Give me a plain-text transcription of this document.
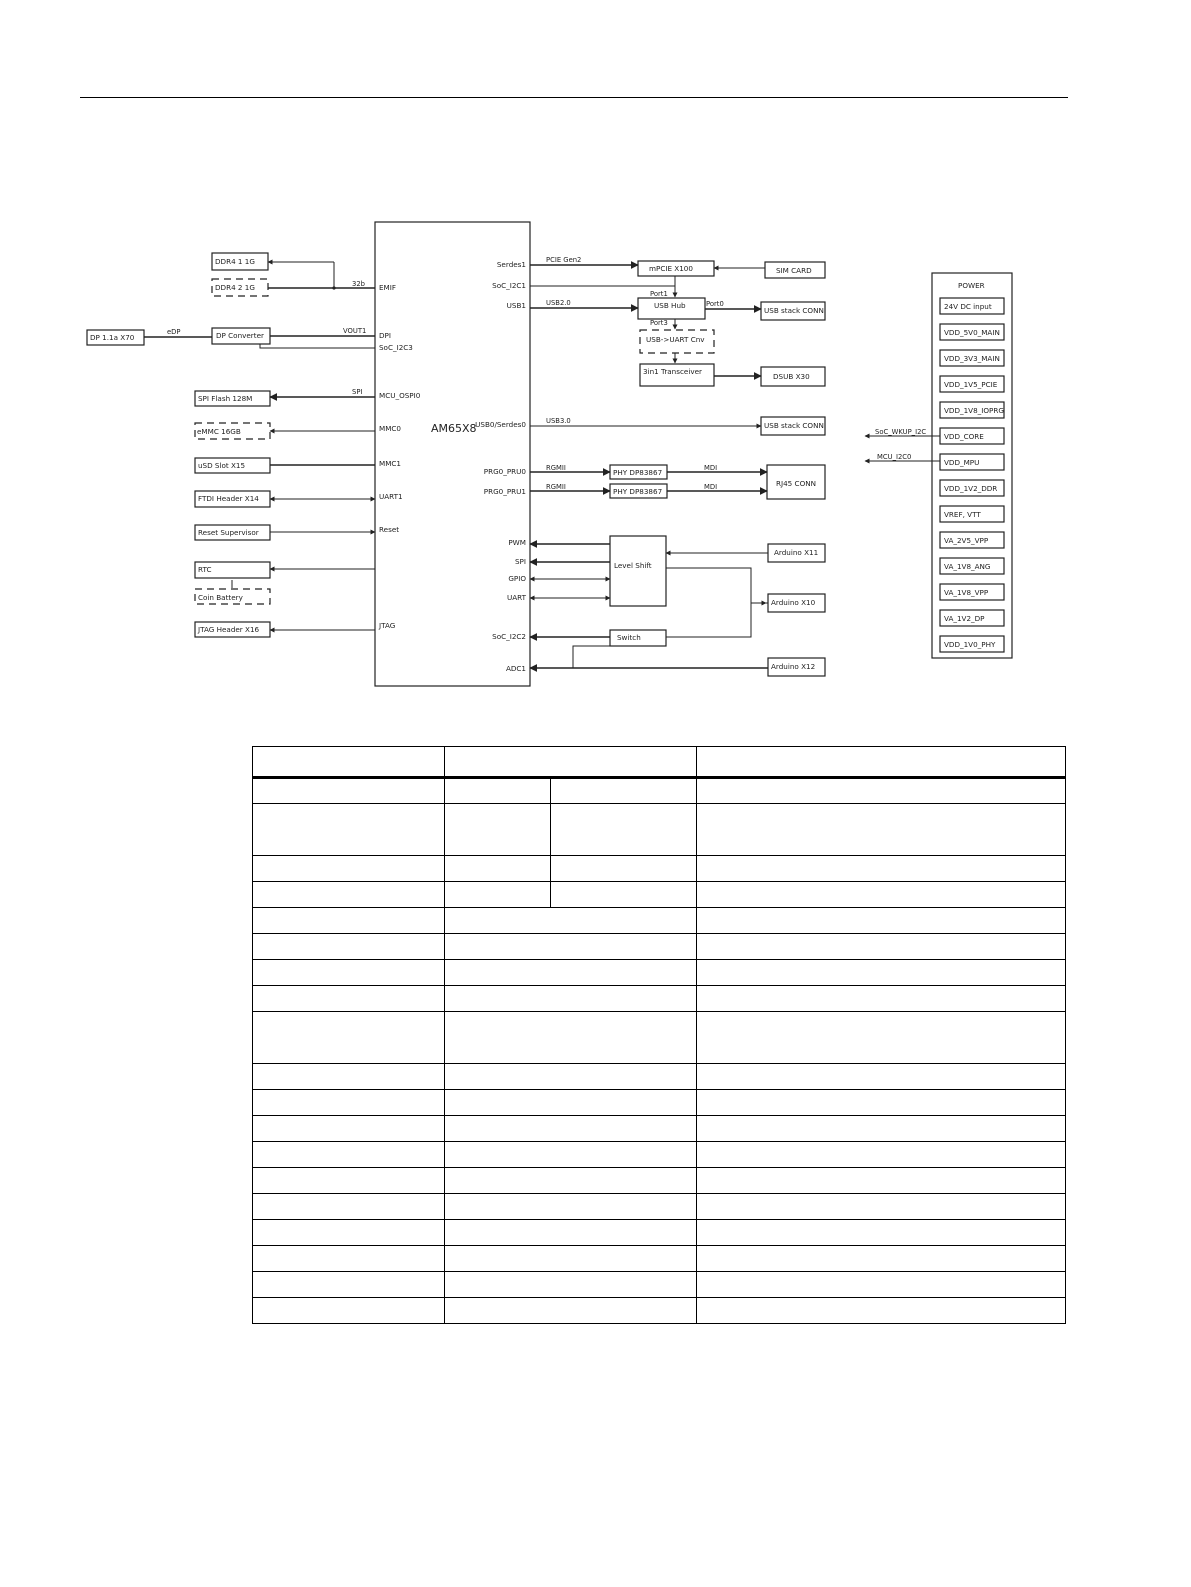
AM65X8
EMIF
DPI
SoC_I2C3
MCU_OSPI0
MMC0
MMC1
UART1
Reset
JTAG
Serdes1
SoC_I2C1
USB1
USB0/Serdes0
PRG0_PRU0
PRG0_PRU1
PWM
SPI
GPIO
UART
SoC_I2C2
ADC1
DDR4 1 1G
DDR4 2 1G	32b
DP 1.1a X70	DP Converter
eDP	VOUT1
SPI Flash 128M
SPI
eMMC 16GB
uSD Slot X15
FTDI Header X14
Reset Supervisor
RTC
Coin Battery
JTAG Header X16
mPCIE X100
PCIE Gen2
SIM CARD
USB Hub
Port1
USB2.0
USB stack CONN
Port0
USB->UART Cnv
Port3
3in1 Transceiver
DSUB X30
USB stack CONN
USB3.0
PHY DP83867
PHY DP83867
RGMII
RGMII	RJ45 CONN
MDI
MDI
Level Shift
Arduino X11
Arduino X10
Switch
Arduino X12
POWER
24V DC input
VDD_5V0_MAIN
VDD_3V3_MAIN
VDD_1V5_PCIE
VDD_1V8_IOPRG
VDD_CORE
VDD_MPU
VDD_1V2_DDR
VREF, VTT
VA_2V5_VPP
VA_1V8_ANG
VA_1V8_VPP
VA_1V2_DP
VDD_1V0_PHY
SoC_WKUP_I2C
MCU_I2C0
